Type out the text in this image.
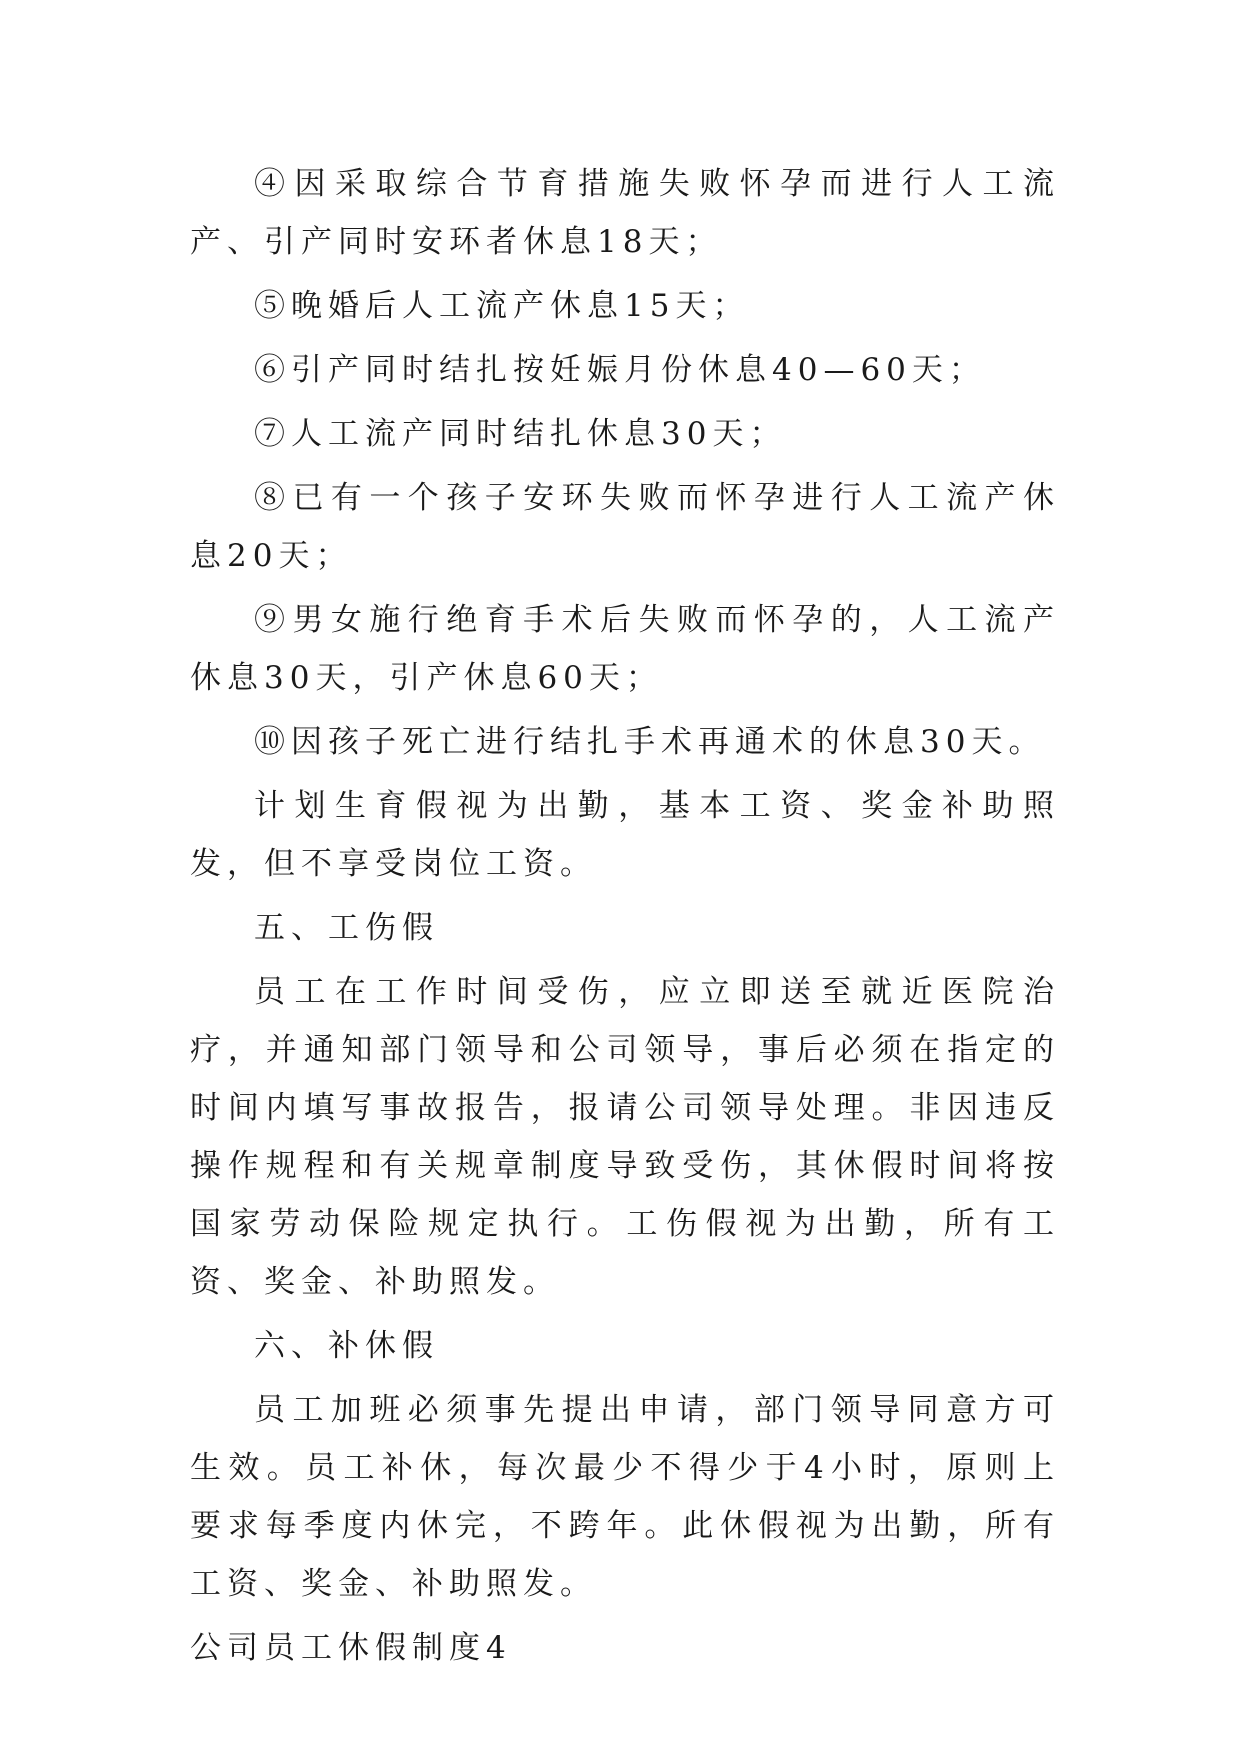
④因采取综合节育措施失败怀孕而进行人工流产、引产同时安环者休息18天；

⑤晚婚后人工流产休息15天；

⑥引产同时结扎按妊娠月份休息40—60天；

⑦人工流产同时结扎休息30天；

⑧已有一个孩子安环失败而怀孕进行人工流产休息20天；

⑨男女施行绝育手术后失败而怀孕的，人工流产休息30天，引产休息60天；

⑩因孩子死亡进行结扎手术再通术的休息30天。

计划生育假视为出勤，基本工资、奖金补助照发，但不享受岗位工资。

五、工伤假

员工在工作时间受伤，应立即送至就近医院治疗，并通知部门领导和公司领导，事后必须在指定的时间内填写事故报告，报请公司领导处理。非因违反操作规程和有关规章制度导致受伤，其休假时间将按国家劳动保险规定执行。工伤假视为出勤，所有工资、奖金、补助照发。

六、补休假

员工加班必须事先提出申请，部门领导同意方可生效。员工补休，每次最少不得少于4小时，原则上要求每季度内休完，不跨年。此休假视为出勤，所有工资、奖金、补助照发。

公司员工休假制度4
